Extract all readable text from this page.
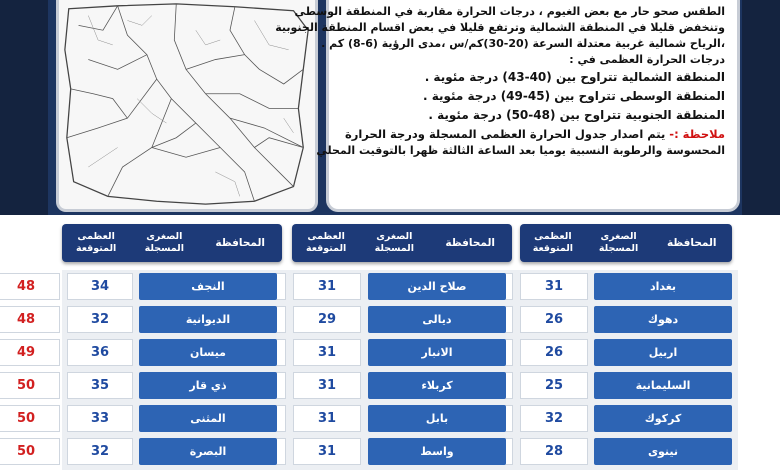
الطقس صحو حار مع بعض الغيوم ، درجات الحرارة مقاربة في المنطقة الوسطى

وتنخفض قليلا في المنطقة الشمالية وترتفع قليلا في بعض اقسام المنطقة الجنوبية

،الرياح شمالية غربية معتدلة السرعة (20-30)كم/س ،مدى الرؤية (6-8) كم .

درجات الحرارة العظمى في :

المنطقة الشمالية تتراوح بين (40-43) درجة مئوية .

المنطقة الوسطى تتراوح بين (45-49) درجة مئوية .

المنطقة الجنوبية تتراوح بين (48-50) درجة مئوية .

ملاحظة :- يتم اصدار جدول الحرارة العظمى المسجلة ودرجة الحرارة

المحسوسة والرطوبة النسبية يوميا بعد الساعة الثالثة ظهرا بالتوقيت المحلي

المحافظة
الصغرى
المسجلة
العظمى
المتوقعة
المحافظة
الصغرى
المسجلة
العظمى
المتوقعة
المحافظة
الصغرى
المسجلة
العظمى
المتوقعة
بغداد
31
دهوك
26
اربيل
26
السليمانية
25
كركوك
32
نينوى
28
صلاح الدين
31
ديالى
29
الانبار
31
كربلاء
31
بابل
31
واسط
31
النجف
34
48
الديوانية
32
48
ميسان
36
49
ذي قار
35
50
المثنى
33
50
البصرة
32
50
